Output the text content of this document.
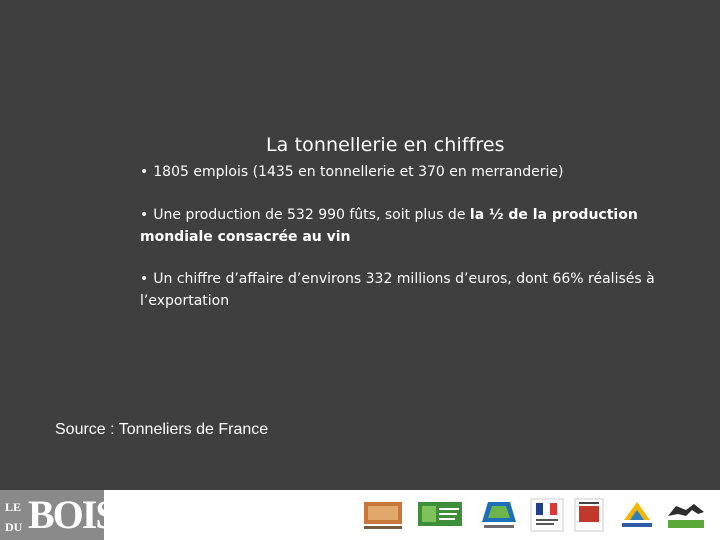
La tonnellerie en chiffres
• 1805 emplois (1435 en tonnellerie et 370 en merranderie)
• Une production de 532 990 fûts, soit plus de la ½ de la production mondiale consacrée au vin
• Un chiffre d’affaire d’environs 332 millions d’euros, dont 66% réalisés à l’exportation
Source : Tonneliers de France
LE
DU BOIS
